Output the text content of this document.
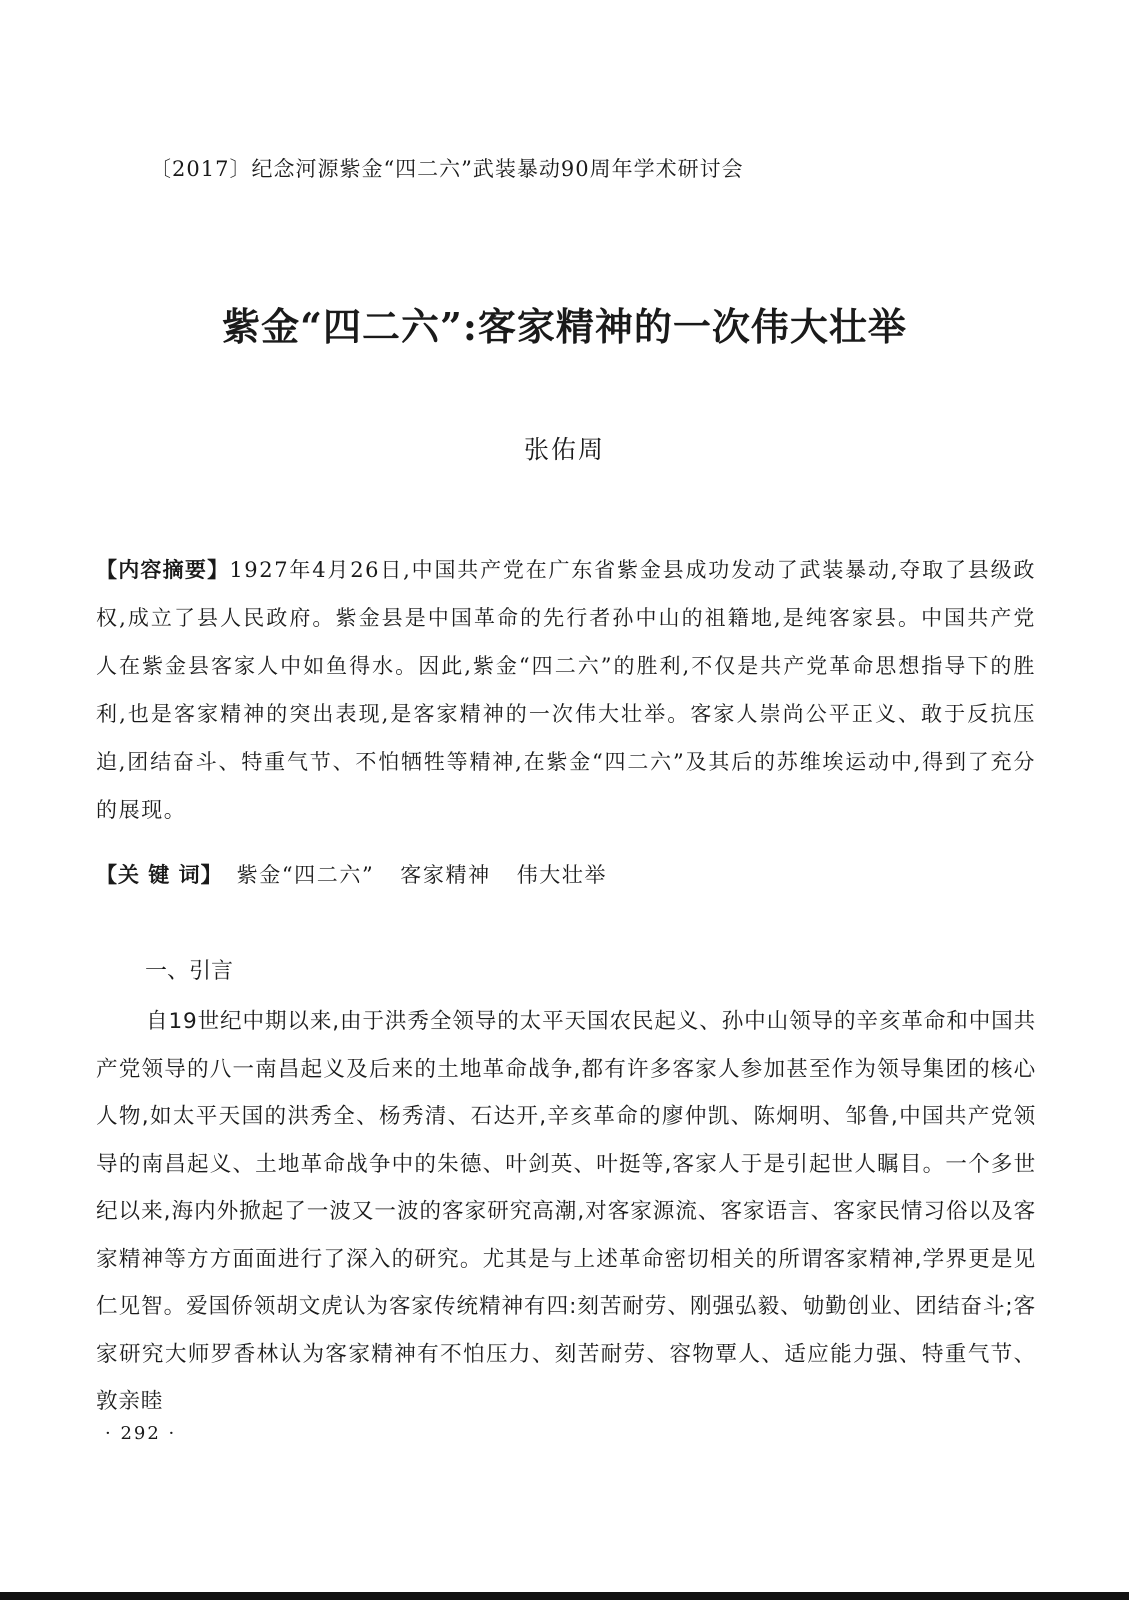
〔2017〕纪念河源紫金“四二六”武装暴动90周年学术研讨会
紫金“四二六”:客家精神的一次伟大壮举
张佑周
【内容摘要】1927年4月26日,中国共产党在广东省紫金县成功发动了武装暴动,夺取了县级政权,成立了县人民政府。紫金县是中国革命的先行者孙中山的祖籍地,是纯客家县。中国共产党人在紫金县客家人中如鱼得水。因此,紫金“四二六”的胜利,不仅是共产党革命思想指导下的胜利,也是客家精神的突出表现,是客家精神的一次伟大壮举。客家人崇尚公平正义、敢于反抗压迫,团结奋斗、特重气节、不怕牺牲等精神,在紫金“四二六”及其后的苏维埃运动中,得到了充分的展现。
【关 键 词】 紫金“四二六” 客家精神 伟大壮举
一、引言

自19世纪中期以来,由于洪秀全领导的太平天国农民起义、孙中山领导的辛亥革命和中国共产党领导的八一南昌起义及后来的土地革命战争,都有许多客家人参加甚至作为领导集团的核心人物,如太平天国的洪秀全、杨秀清、石达开,辛亥革命的廖仲凯、陈炯明、邹鲁,中国共产党领导的南昌起义、土地革命战争中的朱德、叶剑英、叶挺等,客家人于是引起世人瞩目。一个多世纪以来,海内外掀起了一波又一波的客家研究高潮,对客家源流、客家语言、客家民情习俗以及客家精神等方方面面进行了深入的研究。尤其是与上述革命密切相关的所谓客家精神,学界更是见仁见智。爱国侨领胡文虎认为客家传统精神有四:刻苦耐劳、刚强弘毅、劬勤创业、团结奋斗;客家研究大师罗香林认为客家精神有不怕压力、刻苦耐劳、容物覃人、适应能力强、特重气节、敦亲睦

· 292 ·
